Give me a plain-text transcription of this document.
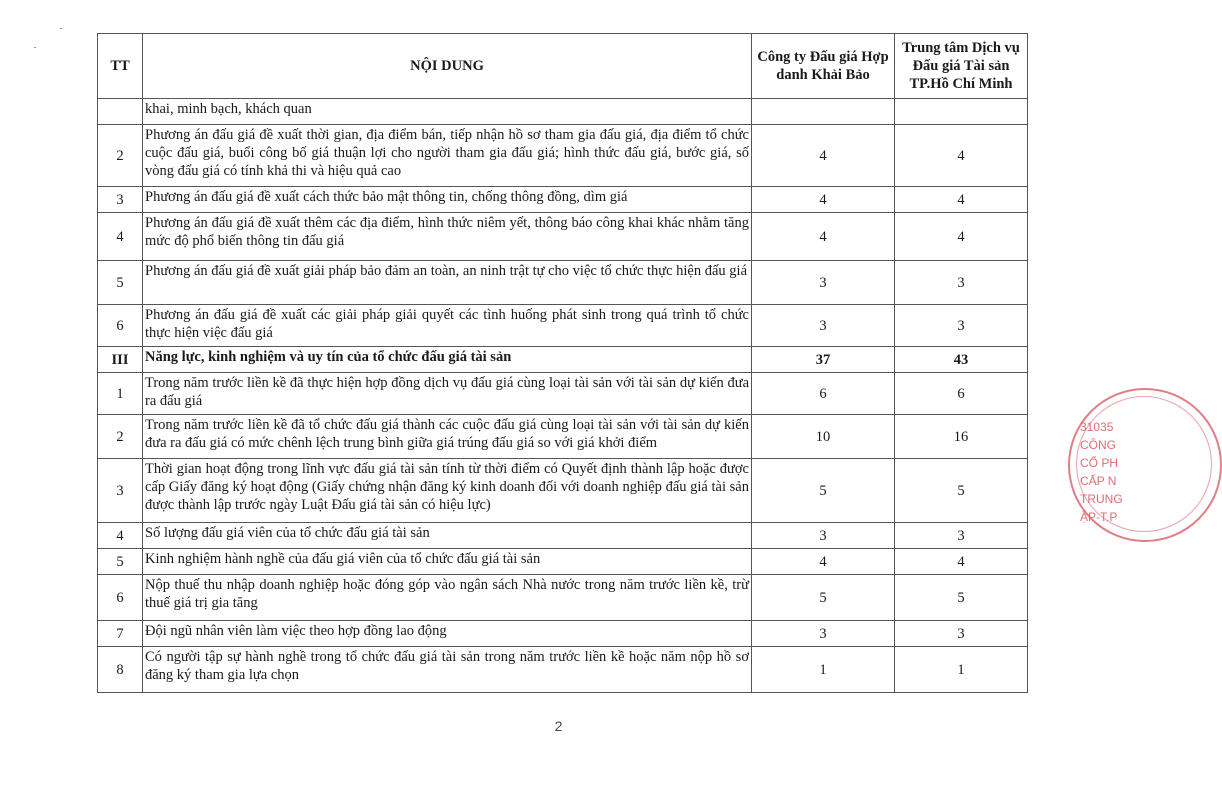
TT	NỘI DUNG	Công ty Đấu giá Hợp danh Khải Bảo	Trung tâm Dịch vụ Đấu giá Tài sản TP.Hồ Chí Minh
	khai, minh bạch, khách quan		
2	Phương án đấu giá đề xuất thời gian, địa điểm bán, tiếp nhận hồ sơ tham gia đấu giá, địa điểm tổ chức cuộc đấu giá, buổi công bố giá thuận lợi cho người tham gia đấu giá; hình thức đấu giá, bước giá, số vòng đấu giá có tính khả thi và hiệu quả cao	4	4
3	Phương án đấu giá đề xuất cách thức bảo mật thông tin, chống thông đồng, dìm giá	4	4
4	Phương án đấu giá đề xuất thêm các địa điểm, hình thức niêm yết, thông báo công khai khác nhằm tăng mức độ phổ biến thông tin đấu giá	4	4
5	Phương án đấu giá đề xuất giải pháp bảo đảm an toàn, an ninh trật tự cho việc tổ chức thực hiện đấu giá	3	3
6	Phương án đấu giá đề xuất các giải pháp giải quyết các tình huống phát sinh trong quá trình tổ chức thực hiện việc đấu giá	3	3
III	Năng lực, kinh nghiệm và uy tín của tổ chức đấu giá tài sản	37	43
1	Trong năm trước liền kề đã thực hiện hợp đồng dịch vụ đấu giá cùng loại tài sản với tài sản dự kiến đưa ra đấu giá	6	6
2	Trong năm trước liền kề đã tổ chức đấu giá thành các cuộc đấu giá cùng loại tài sản với tài sản dự kiến đưa ra đấu giá có mức chênh lệch trung bình giữa giá trúng đấu giá so với giá khởi điểm	10	16
3	Thời gian hoạt động trong lĩnh vực đấu giá tài sản tính từ thời điểm có Quyết định thành lập hoặc được cấp Giấy đăng ký hoạt động (Giấy chứng nhận đăng ký kinh doanh đối với doanh nghiệp đấu giá tài sản được thành lập trước ngày Luật Đấu giá tài sản có hiệu lực)	5	5
4	Số lượng đấu giá viên của tổ chức đấu giá tài sản	3	3
5	Kinh nghiệm hành nghề của đấu giá viên của tổ chức đấu giá tài sản	4	4
6	Nộp thuế thu nhập doanh nghiệp hoặc đóng góp vào ngân sách Nhà nước trong năm trước liền kề, trừ thuế giá trị gia tăng	5	5
7	Đội ngũ nhân viên làm việc theo hợp đồng lao động	3	3
8	Có người tập sự hành nghề trong tổ chức đấu giá tài sản trong năm trước liền kề hoặc năm nộp hồ sơ đăng ký tham gia lựa chọn	1	1
2
31035
CÔNG
CỔ PH
CẤP N
TRUNG
ẬP-T.P
